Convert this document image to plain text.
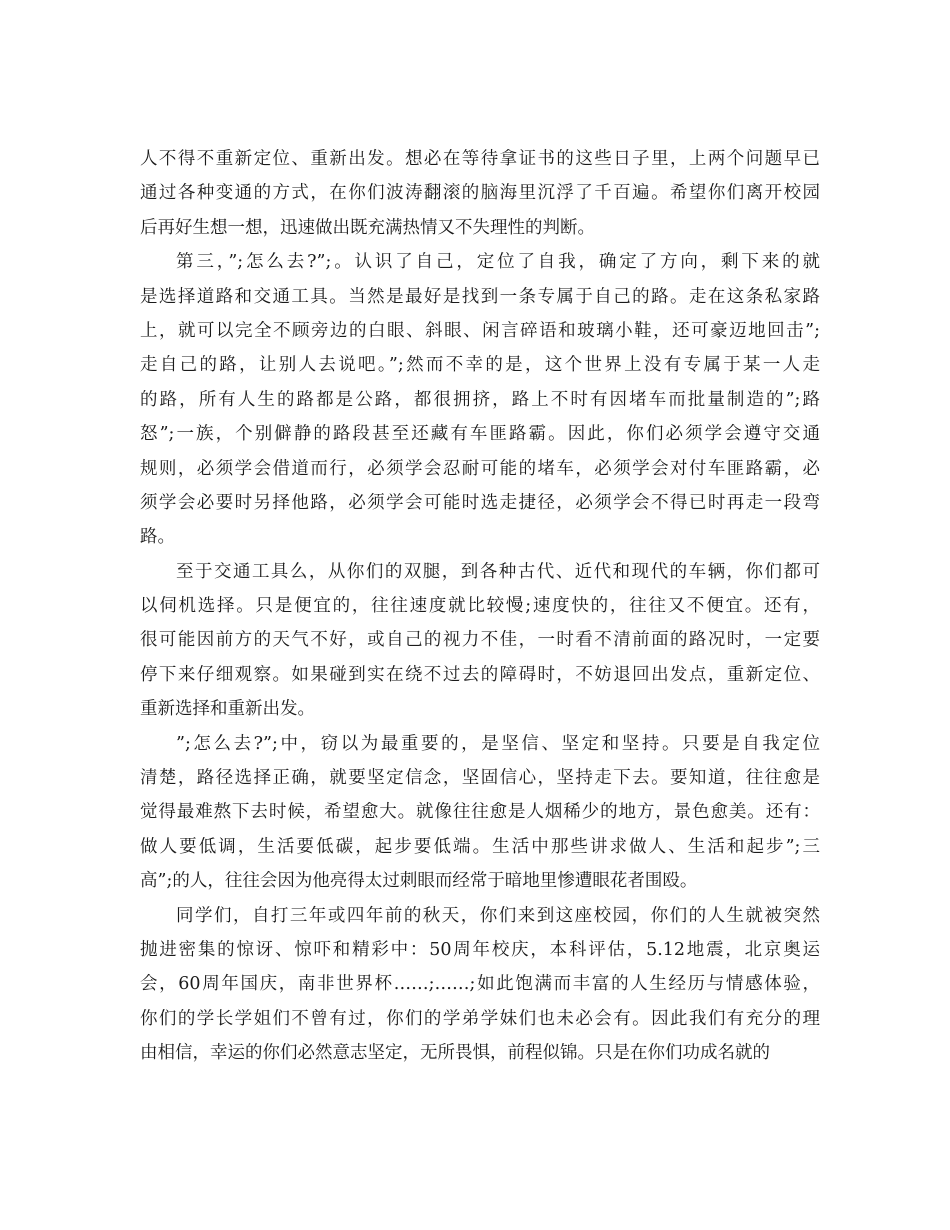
人不得不重新定位、重新出发。想必在等待拿证书的这些日子里，上两个问题早已
通过各种变通的方式，在你们波涛翻滚的脑海里沉浮了千百遍。希望你们离开校园
后再好生想一想，迅速做出既充满热情又不失理性的判断。
第三，”;怎么去?”;。认识了自己，定位了自我，确定了方向，剩下来的就
是选择道路和交通工具。当然是最好是找到一条专属于自己的路。走在这条私家路
上，就可以完全不顾旁边的白眼、斜眼、闲言碎语和玻璃小鞋，还可豪迈地回击”;
走自己的路，让别人去说吧。”;然而不幸的是，这个世界上没有专属于某一人走
的路，所有人生的路都是公路，都很拥挤，路上不时有因堵车而批量制造的”;路
怒”;一族，个别僻静的路段甚至还藏有车匪路霸。因此，你们必须学会遵守交通
规则，必须学会借道而行，必须学会忍耐可能的堵车，必须学会对付车匪路霸，必
须学会必要时另择他路，必须学会可能时选走捷径，必须学会不得已时再走一段弯
路。
至于交通工具么，从你们的双腿，到各种古代、近代和现代的车辆，你们都可
以伺机选择。只是便宜的，往往速度就比较慢;速度快的，往往又不便宜。还有，
很可能因前方的天气不好，或自己的视力不佳，一时看不清前面的路况时，一定要
停下来仔细观察。如果碰到实在绕不过去的障碍时，不妨退回出发点，重新定位、
重新选择和重新出发。
”;怎么去?”;中，窃以为最重要的，是坚信、坚定和坚持。只要是自我定位
清楚，路径选择正确，就要坚定信念，坚固信心，坚持走下去。要知道，往往愈是
觉得最难熬下去时候，希望愈大。就像往往愈是人烟稀少的地方，景色愈美。还有：
做人要低调，生活要低碳，起步要低端。生活中那些讲求做人、生活和起步”;三
高”;的人，往往会因为他亮得太过刺眼而经常于暗地里惨遭眼花者围殴。
同学们，自打三年或四年前的秋天，你们来到这座校园，你们的人生就被突然
抛进密集的惊讶、惊吓和精彩中：50周年校庆，本科评估，5.12地震，北京奥运
会，60周年国庆，南非世界杯……;……;如此饱满而丰富的人生经历与情感体验，
你们的学长学姐们不曾有过，你们的学弟学妹们也未必会有。因此我们有充分的理
由相信，幸运的你们必然意志坚定，无所畏惧，前程似锦。只是在你们功成名就的
